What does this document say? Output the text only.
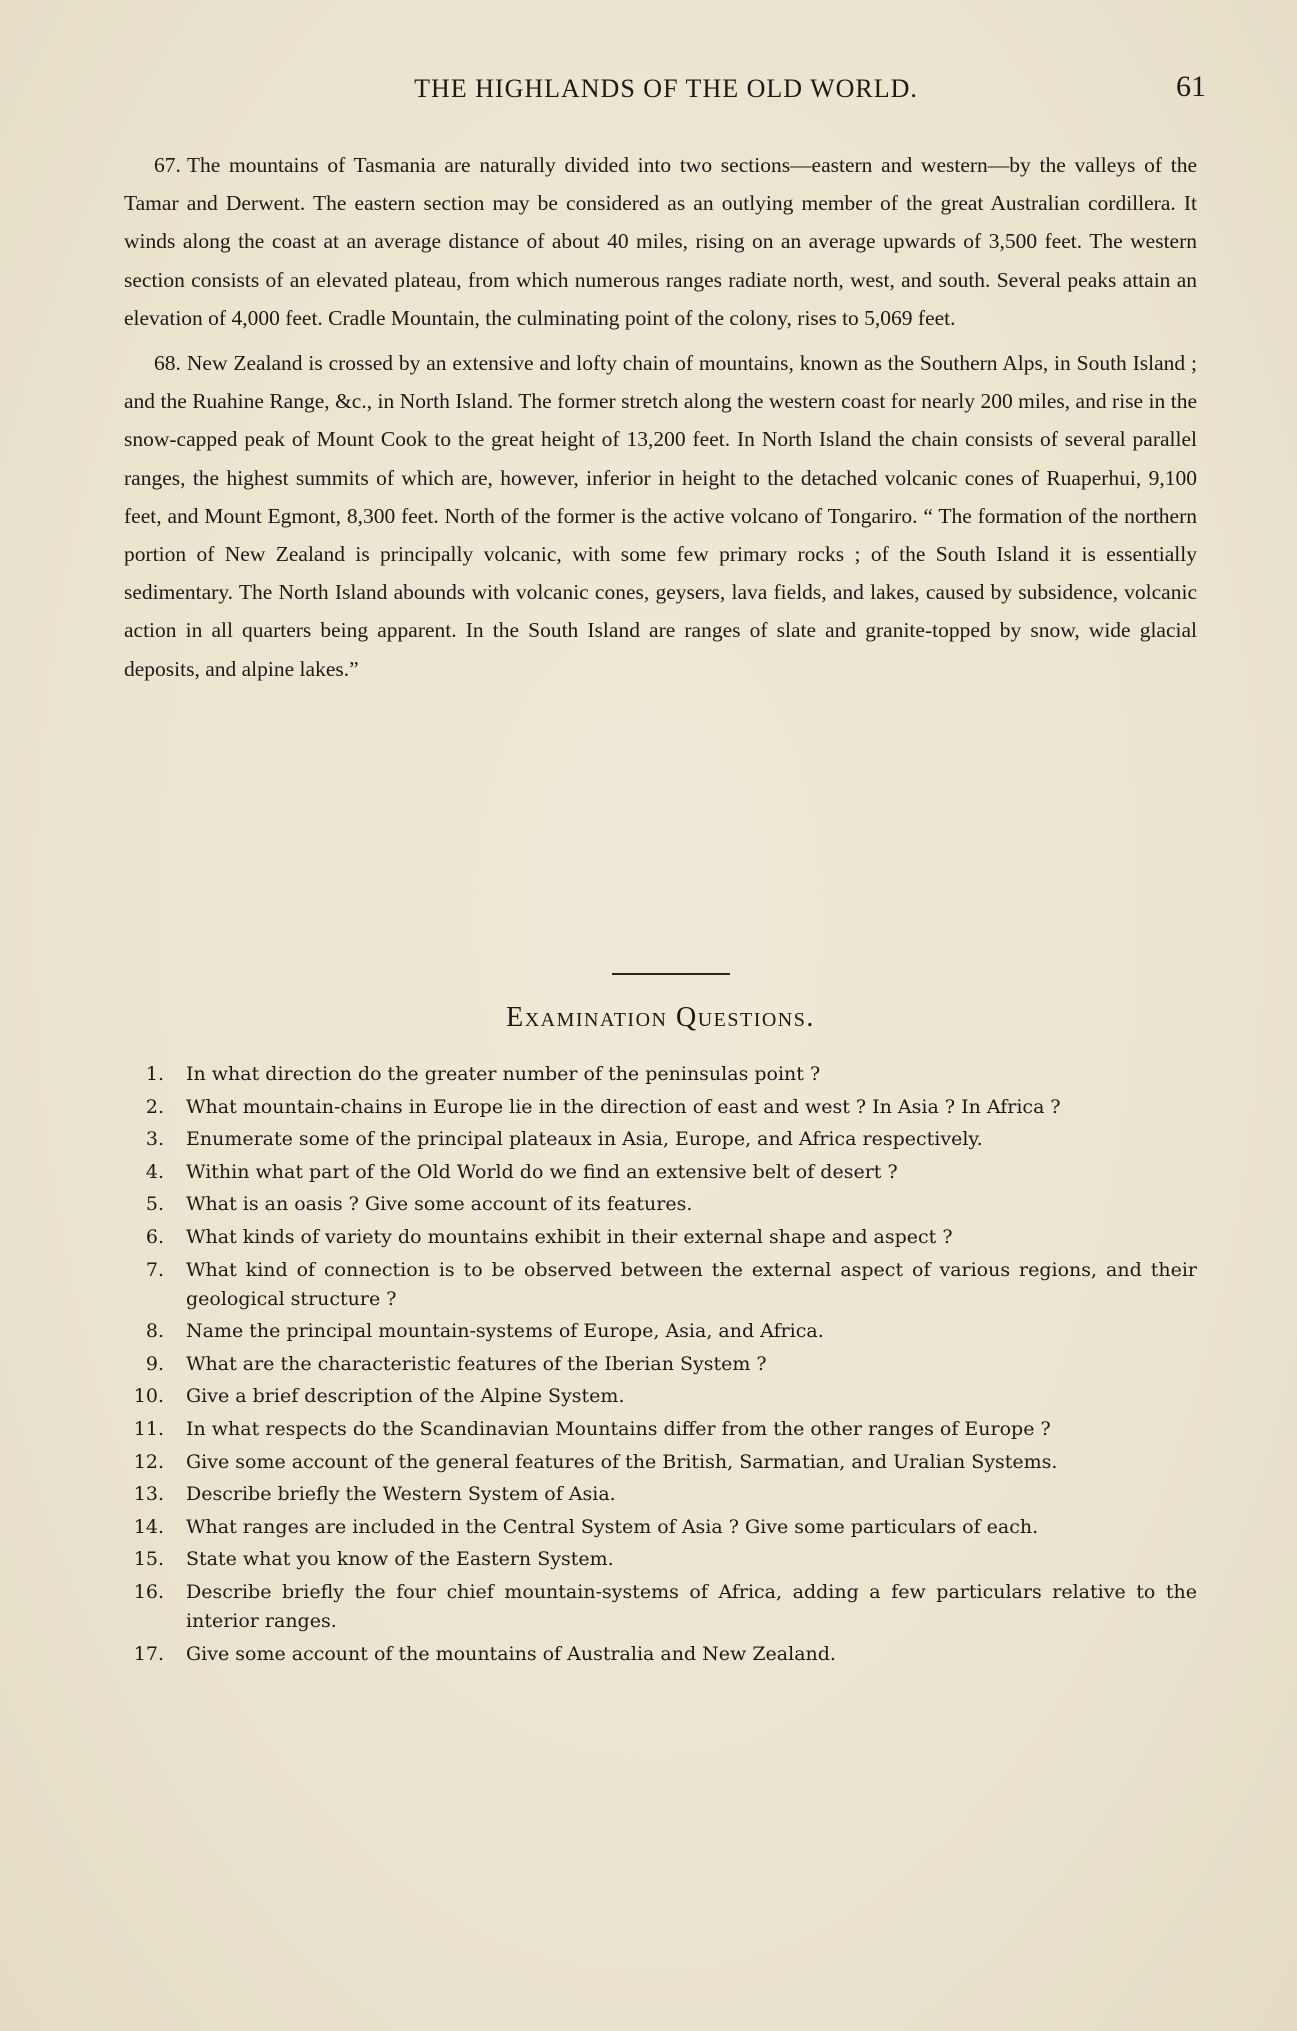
THE HIGHLANDS OF THE OLD WORLD.	61

67. The mountains of Tasmania are naturally divided into two sections—eastern and western—by the valleys of the Tamar and Derwent. The eastern section may be considered as an outlying member of the great Australian cordillera. It winds along the coast at an average distance of about 40 miles, rising on an average upwards of 3,500 feet. The western section consists of an elevated plateau, from which numerous ranges radiate north, west, and south. Several peaks attain an elevation of 4,000 feet. Cradle Mountain, the culminating point of the colony, rises to 5,069 feet.

68. New Zealand is crossed by an extensive and lofty chain of mountains, known as the Southern Alps, in South Island ; and the Ruahine Range, &c., in North Island. The former stretch along the western coast for nearly 200 miles, and rise in the snow-capped peak of Mount Cook to the great height of 13,200 feet. In North Island the chain consists of several parallel ranges, the highest summits of which are, however, inferior in height to the detached volcanic cones of Ruaperhui, 9,100 feet, and Mount Egmont, 8,300 feet. North of the former is the active volcano of Tongariro. “ The formation of the northern portion of New Zealand is principally volcanic, with some few primary rocks ; of the South Island it is essentially sedimentary. The North Island abounds with volcanic cones, geysers, lava fields, and lakes, caused by subsidence, volcanic action in all quarters being apparent. In the South Island are ranges of slate and granite-topped by snow, wide glacial deposits, and alpine lakes.”

Examination Questions.
1. In what direction do the greater number of the peninsulas point ?
2. What mountain-chains in Europe lie in the direction of east and west ? In Asia ? In Africa ?
3. Enumerate some of the principal plateaux in Asia, Europe, and Africa respectively.
4. Within what part of the Old World do we find an extensive belt of desert ?
5. What is an oasis ? Give some account of its features.
6. What kinds of variety do mountains exhibit in their external shape and aspect ?
7. What kind of connection is to be observed between the external aspect of various regions, and their geological structure ?
8. Name the principal mountain-systems of Europe, Asia, and Africa.
9. What are the characteristic features of the Iberian System ?
10. Give a brief description of the Alpine System.
11. In what respects do the Scandinavian Mountains differ from the other ranges of Europe ?
12. Give some account of the general features of the British, Sarmatian, and Uralian Systems.
13. Describe briefly the Western System of Asia.
14. What ranges are included in the Central System of Asia ? Give some particulars of each.
15. State what you know of the Eastern System.
16. Describe briefly the four chief mountain-systems of Africa, adding a few particulars relative to the interior ranges.
17. Give some account of the mountains of Australia and New Zealand.
